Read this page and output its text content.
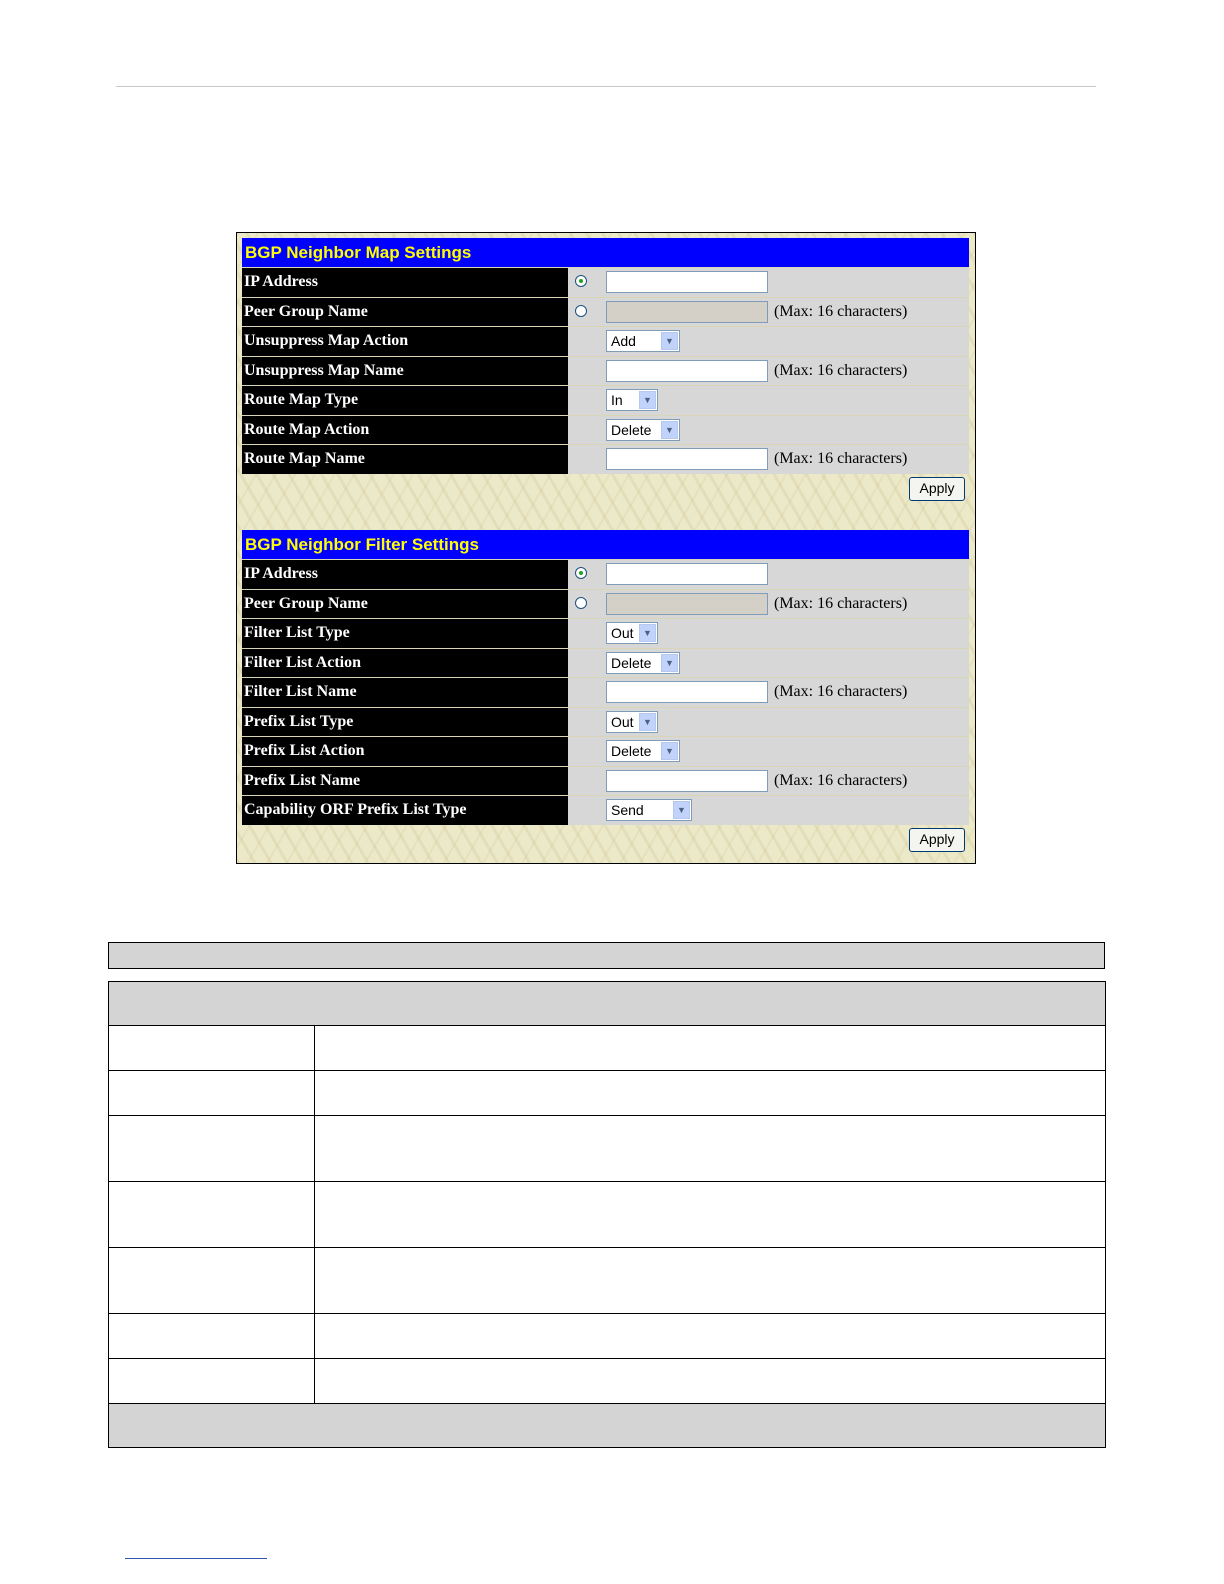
BGP Neighbor Map Settings
IP Address
Peer Group Name	(Max: 16 characters)
Unsuppress Map Action	Add	▼
Unsuppress Map Name	(Max: 16 characters)
Route Map Type	In	▼
Route Map Action	Delete	▼
Route Map Name	(Max: 16 characters)
Apply
BGP Neighbor Filter Settings
IP Address
Peer Group Name	(Max: 16 characters)
Filter List Type	Out	▼
Filter List Action	Delete	▼
Filter List Name	(Max: 16 characters)
Prefix List Type	Out	▼
Prefix List Action	Delete	▼
Prefix List Name	(Max: 16 characters)
Capability ORF Prefix List Type	Send	▼
Apply
